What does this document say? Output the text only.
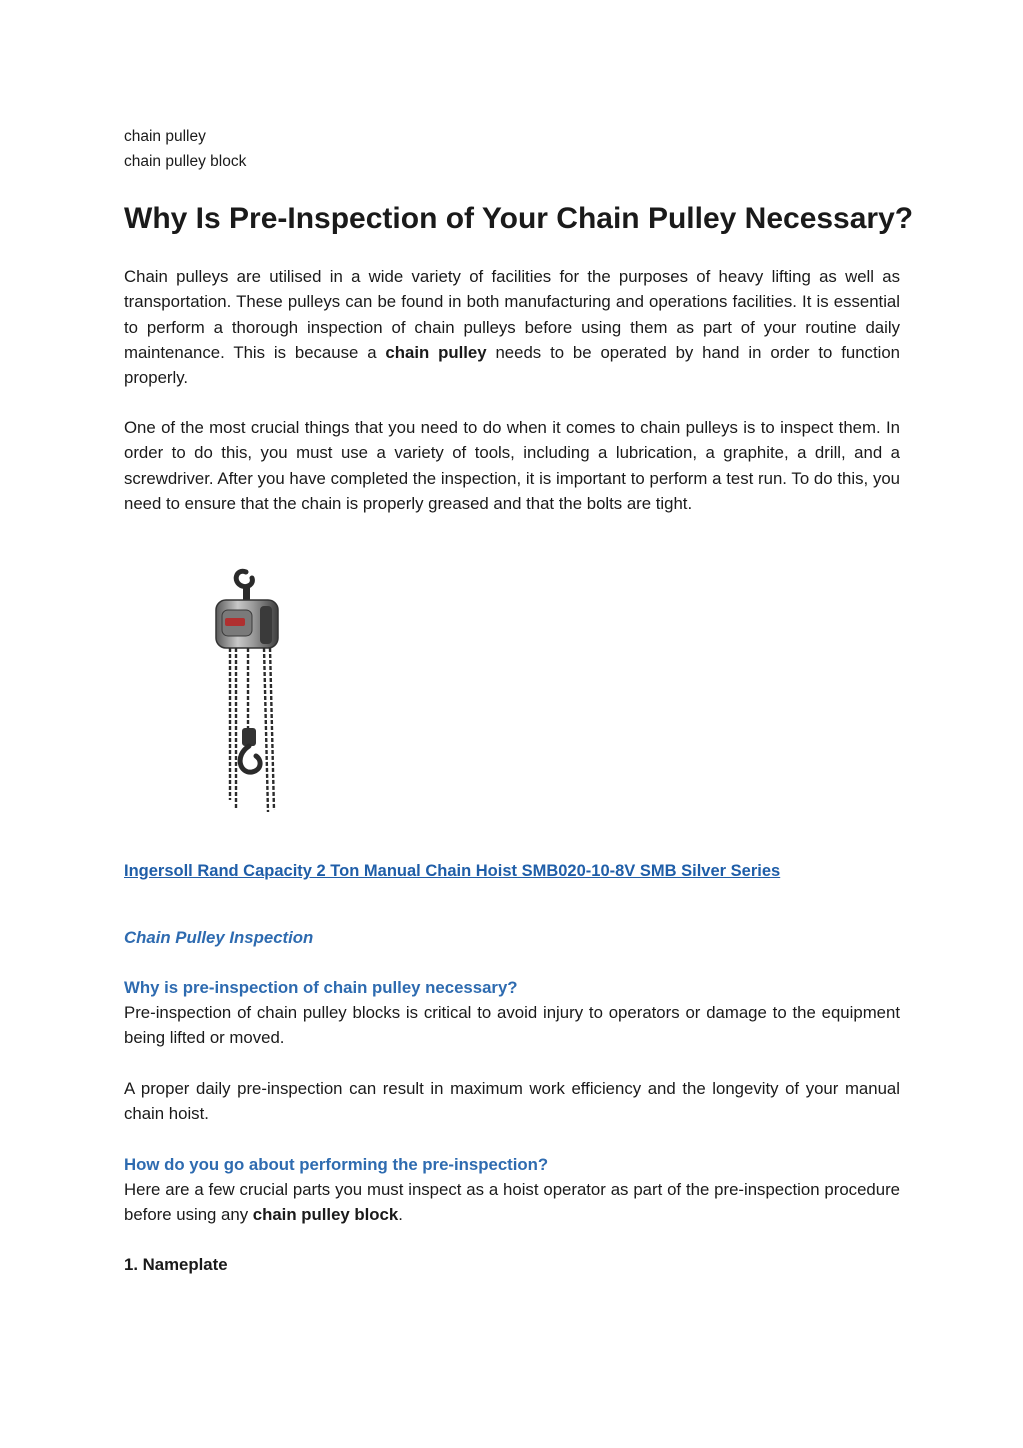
chain pulley

chain pulley block

Why Is Pre-Inspection of Your Chain Pulley Necessary?

Chain pulleys are utilised in a wide variety of facilities for the purposes of heavy lifting as well as transportation. These pulleys can be found in both manufacturing and operations facilities. It is essential to perform a thorough inspection of chain pulleys before using them as part of your routine daily maintenance. This is because a chain pulley needs to be operated by hand in order to function properly.

One of the most crucial things that you need to do when it comes to chain pulleys is to inspect them. In order to do this, you must use a variety of tools, including a lubrication, a graphite, a drill, and a screwdriver. After you have completed the inspection, it is important to perform a test run. To do this, you need to ensure that the chain is properly greased and that the bolts are tight.

Ingersoll Rand Capacity 2 Ton Manual Chain Hoist SMB020-10-8V SMB Silver Series

Chain Pulley Inspection

Why is pre-inspection of chain pulley necessary?

Pre-inspection of chain pulley blocks is critical to avoid injury to operators or damage to the equipment being lifted or moved.

A proper daily pre-inspection can result in maximum work efficiency and the longevity of your manual chain hoist.

How do you go about performing the pre-inspection?

Here are a few crucial parts you must inspect as a hoist operator as part of the pre-inspection procedure before using any chain pulley block.

1. Nameplate
